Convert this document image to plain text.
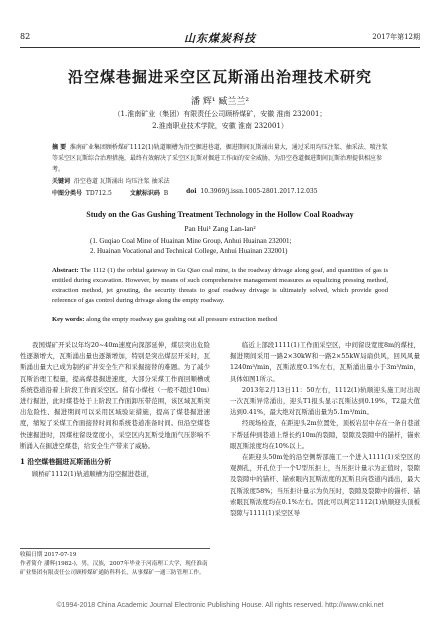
82	山东煤炭科技	2017年第12期
沿空煤巷掘进采空区瓦斯涌出治理技术研究
潘 辉¹ 臧兰兰²
（1.淮南矿业（集团）有限责任公司顾桥煤矿，安徽 淮南 232001；
2.淮南职业技术学院，安徽 淮南 232001）
摘 要 淮南矿业集团顾桥煤矿1112(1)轨道顺槽为沿空掘进巷道，掘进期间瓦斯涌出量大，通过采用均压注浆、抽采法、喷注浆等采空区瓦斯综合治理措施，最终有效解决了采空区瓦斯对掘进工作面的安全威胁，为沿空巷道掘进期间瓦斯治理提供相应参考。
关键词 沿空巷道 瓦斯涌出 均压注浆 抽采法
中图分类号 TD712.5	文献标识码 B	doi 10.3969/j.issn.1005-2801.2017.12.035
Study on the Gas Gushing Treatment Technology in the Hollow Coal Roadway
Pan Hui¹ Zang Lan-lan²
(1. Guqiao Coal Mine of Huainan Mine Group, Anhui Huainan 232001;
2. Huainan Vocational and Technical College, Anhui Huainan 232001)
Abstract: The 1112 (1) the orbital gateway in Gu Qiao coal mine, is the roadway drivage along goaf, and quantities of gas is entitled during excavation. However, by means of such comprehensive management measures as equalizing pressing method, extraction method, jet grouting, the security threats to goaf roadway drivage is ultimately solved, which provide good reference of gas control during drivage along the empty roadway.
Key words: along the empty roadway gas gushing out all pressure extraction method

我国煤矿开采以年均20~40m速度向深部延伸，煤层突出危险性逐渐增大，瓦斯涌出量也逐渐增加，特别是突出煤层开采时，瓦斯涌出量大已成为制约矿井安全生产和采掘接替的难题。为了减少瓦斯治理工程量，提高煤巷掘进速度，大部分采煤工作面回顺槽或系统巷道沿着上阶段工作面采空区。留有小煤柱（一般不超过10m）进行掘进，此时煤巷处于上阶段工作面卸压带范围，该区域瓦斯突出危险性、掘进期间可以采用区域验证措施，提高了煤巷掘进速度，缩短了采煤工作面接替时间和系统巷道准备时间。但沿空煤巷快速掘进时，因煤柱留设宽度小，采空区内瓦斯受地面气压影响不断涌入在掘进空煤巷，给安全生产带来了威胁。

1 沿空煤巷掘进瓦斯涌出分析

顾桥矿1112(1)轨道顺槽为沿空掘进巷道，

临近上部段1111(1)工作面采空区，中间留设宽度8m的煤柱，掘进期间采用一路2×30kW和一路2×55kW局扇供风，回风风量1240m³/min，瓦斯浓度0.1%左右，瓦斯涌出量小于3m³/min，具体如图1所示。

2013年2月13日11：50左右，1112(1)轨顺迎头施工时出现一次瓦斯异常涌出，迎头T1报头显示瓦斯达到0.19%，T2最大值达到0.41%，最大绝对瓦斯涌出量为5.1m³/min。

经现场检查，在距迎头2m位置处，顶板岩层中存在一条自巷道下帮延伸到巷道上帮长约10m的裂隙，裂隙及裂隙中的锚杆，锚索眼瓦斯浓度均在10%以上。

在距迎头50m处的沿空侧帮部施工一个进入1111(1)采空区的观测孔，开孔位于一个U型压拒上，当压拒计量示为正值时，裂隙及裂隙中的锚杆、锚索眼内瓦斯浓度的瓦斯且向巷道内涌出，最大瓦斯浓度58%；当压拒计量示为负压时，裂隙及裂隙中的锚杆、锚索眼瓦斯浓度均在0.1%左右。因此可以判定1112(1)轨顺迎头顶板裂隙与1111(1)采空区导

收稿日期 2017-07-19
作者简介 潘辉(1982-)，男，汉族，2007年毕业于河南理工大学，现任淮南矿业集团有限责任公司顾桥煤矿通防科科长，从事煤矿一通三防管理工作。
©1994-2018 China Academic Journal Electronic Publishing House. All rights reserved. http://www.cnki.net
